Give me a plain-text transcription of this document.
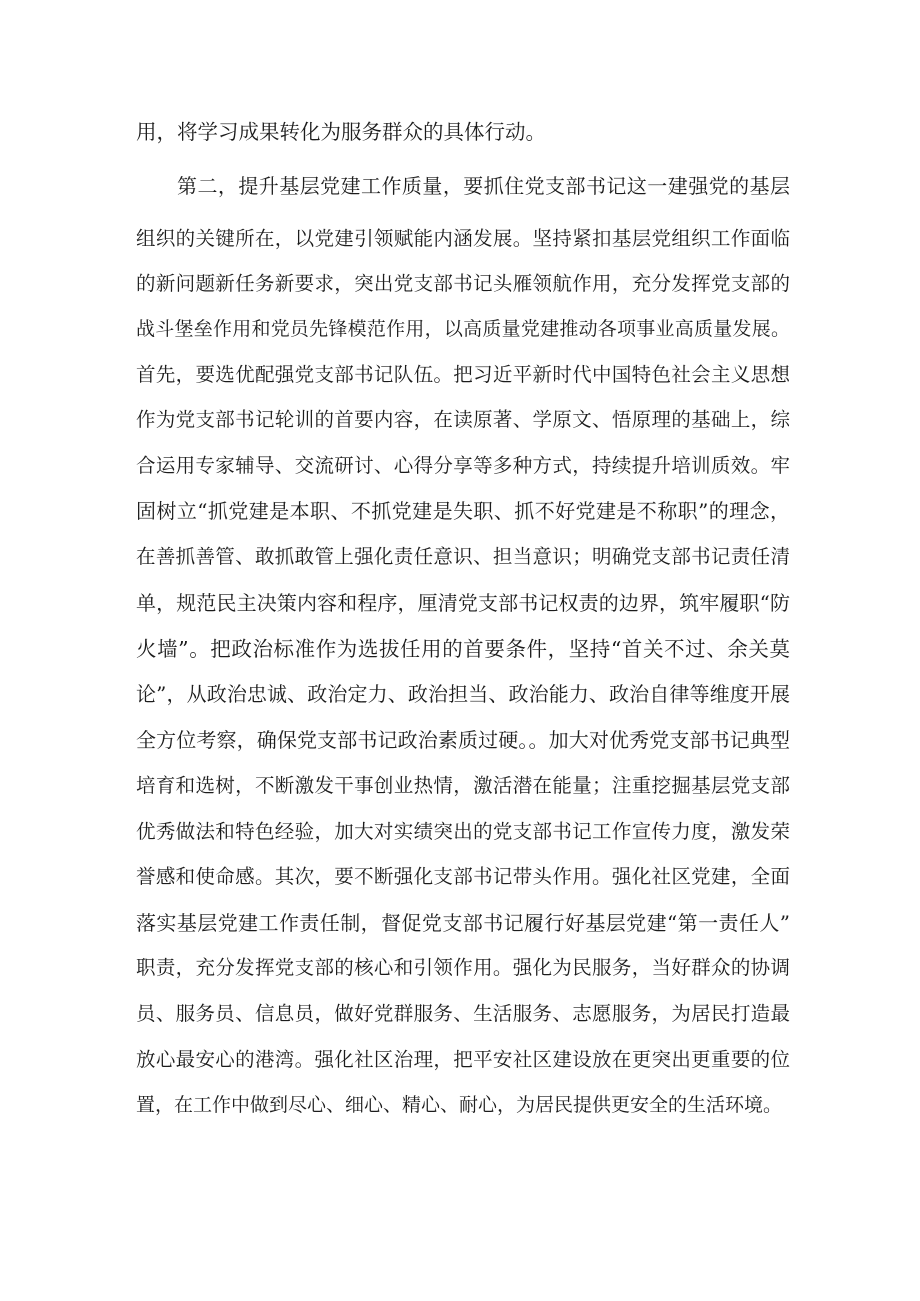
用，将学习成果转化为服务群众的具体行动。
第二，提升基层党建工作质量，要抓住党支部书记这一建强党的基层
组织的关键所在，以党建引领赋能内涵发展。坚持紧扣基层党组织工作面临
的新问题新任务新要求，突出党支部书记头雁领航作用，充分发挥党支部的
战斗堡垒作用和党员先锋模范作用，以高质量党建推动各项事业高质量发展。
首先，要选优配强党支部书记队伍。把习近平新时代中国特色社会主义思想
作为党支部书记轮训的首要内容，在读原著、学原文、悟原理的基础上，综
合运用专家辅导、交流研讨、心得分享等多种方式，持续提升培训质效。牢
固树立“抓党建是本职、不抓党建是失职、抓不好党建是不称职”的理念，
在善抓善管、敢抓敢管上强化责任意识、担当意识；明确党支部书记责任清
单，规范民主决策内容和程序，厘清党支部书记权责的边界，筑牢履职“防
火墙”。把政治标准作为选拔任用的首要条件，坚持“首关不过、余关莫
论”，从政治忠诚、政治定力、政治担当、政治能力、政治自律等维度开展
全方位考察，确保党支部书记政治素质过硬。。加大对优秀党支部书记典型
培育和选树，不断激发干事创业热情，激活潜在能量；注重挖掘基层党支部
优秀做法和特色经验，加大对实绩突出的党支部书记工作宣传力度，激发荣
誉感和使命感。其次，要不断强化支部书记带头作用。强化社区党建，全面
落实基层党建工作责任制，督促党支部书记履行好基层党建“第一责任人”
职责，充分发挥党支部的核心和引领作用。强化为民服务，当好群众的协调
员、服务员、信息员，做好党群服务、生活服务、志愿服务，为居民打造最
放心最安心的港湾。强化社区治理，把平安社区建设放在更突出更重要的位
置，在工作中做到尽心、细心、精心、耐心，为居民提供更安全的生活环境。
